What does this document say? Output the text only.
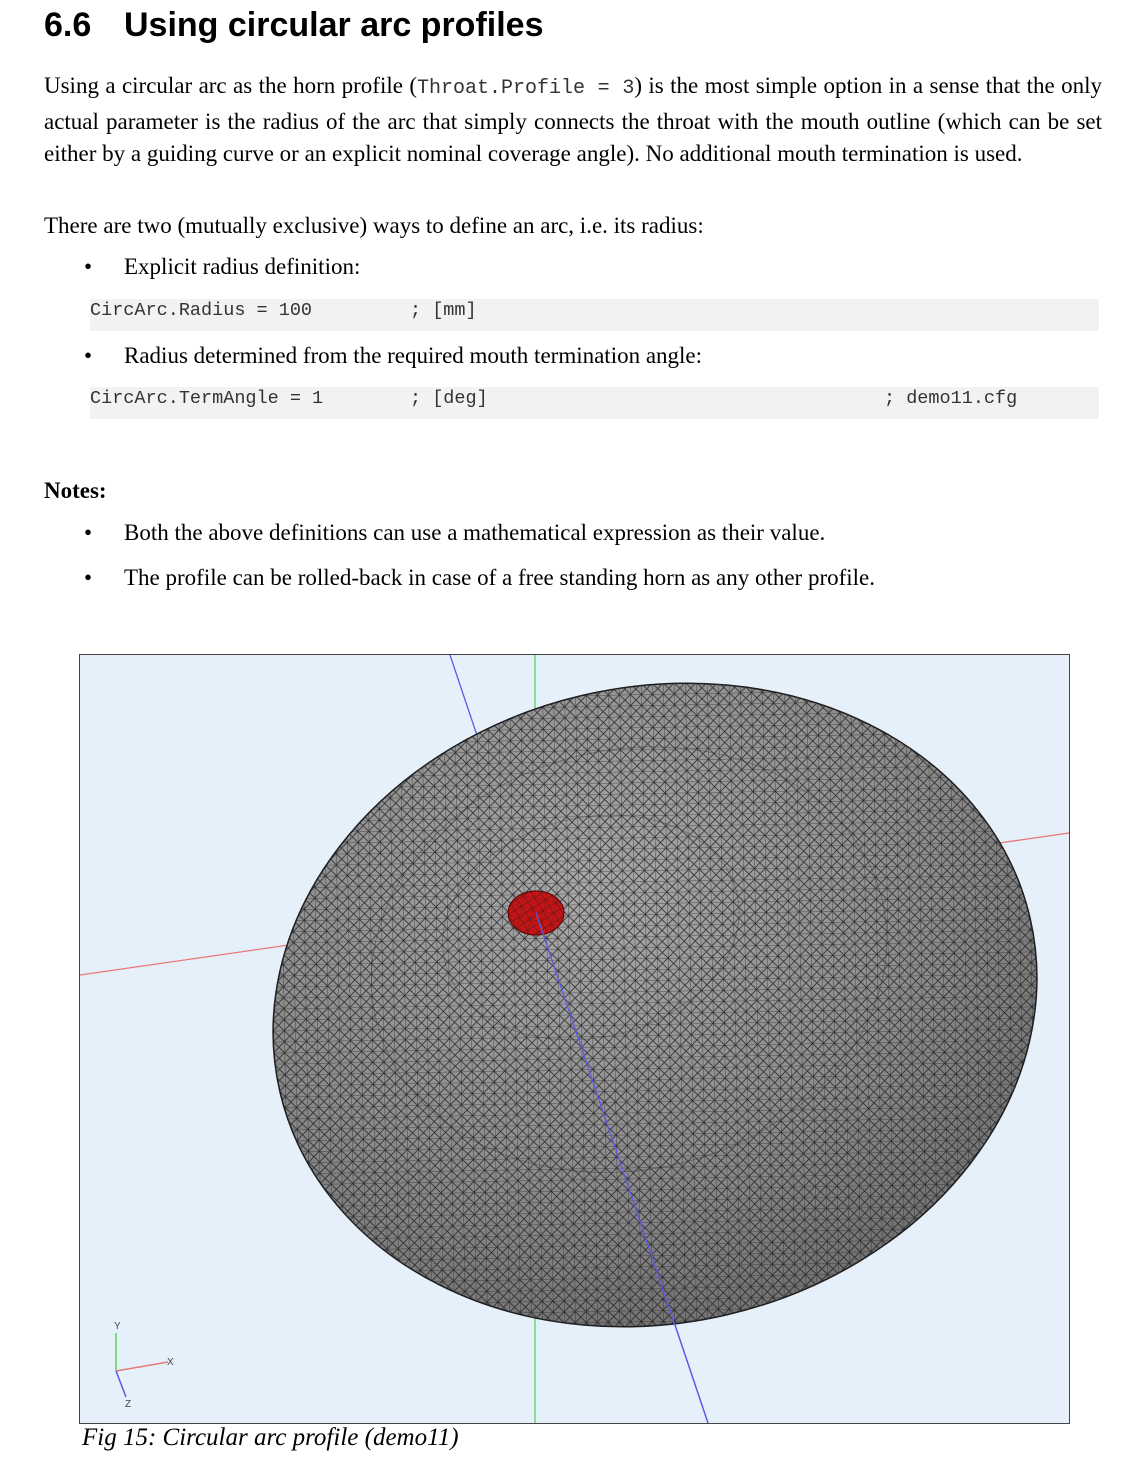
6.6 Using circular arc profiles

Using a circular arc as the horn profile (Throat.Profile = 3) is the most simple option in a sense that the only actual parameter is the radius of the arc that simply connects the throat with the mouth outline (which can be set either by a guiding curve or an explicit nominal coverage angle). No additional mouth termination is used.

There are two (mutually exclusive) ways to define an arc, i.e. its radius:

• Explicit radius definition:

CircArc.Radius = 100

	; [mm]

• Radius determined from the required mouth termination angle:

CircArc.TermAngle = 1

	; [deg]

	; demo11.cfg

Notes:

• Both the above definitions can use a mathematical expression as their value.
• The profile can be rolled-back in case of a free standing horn as any other profile.
Y
X
Z

Fig 15: Circular arc profile (demo11)
